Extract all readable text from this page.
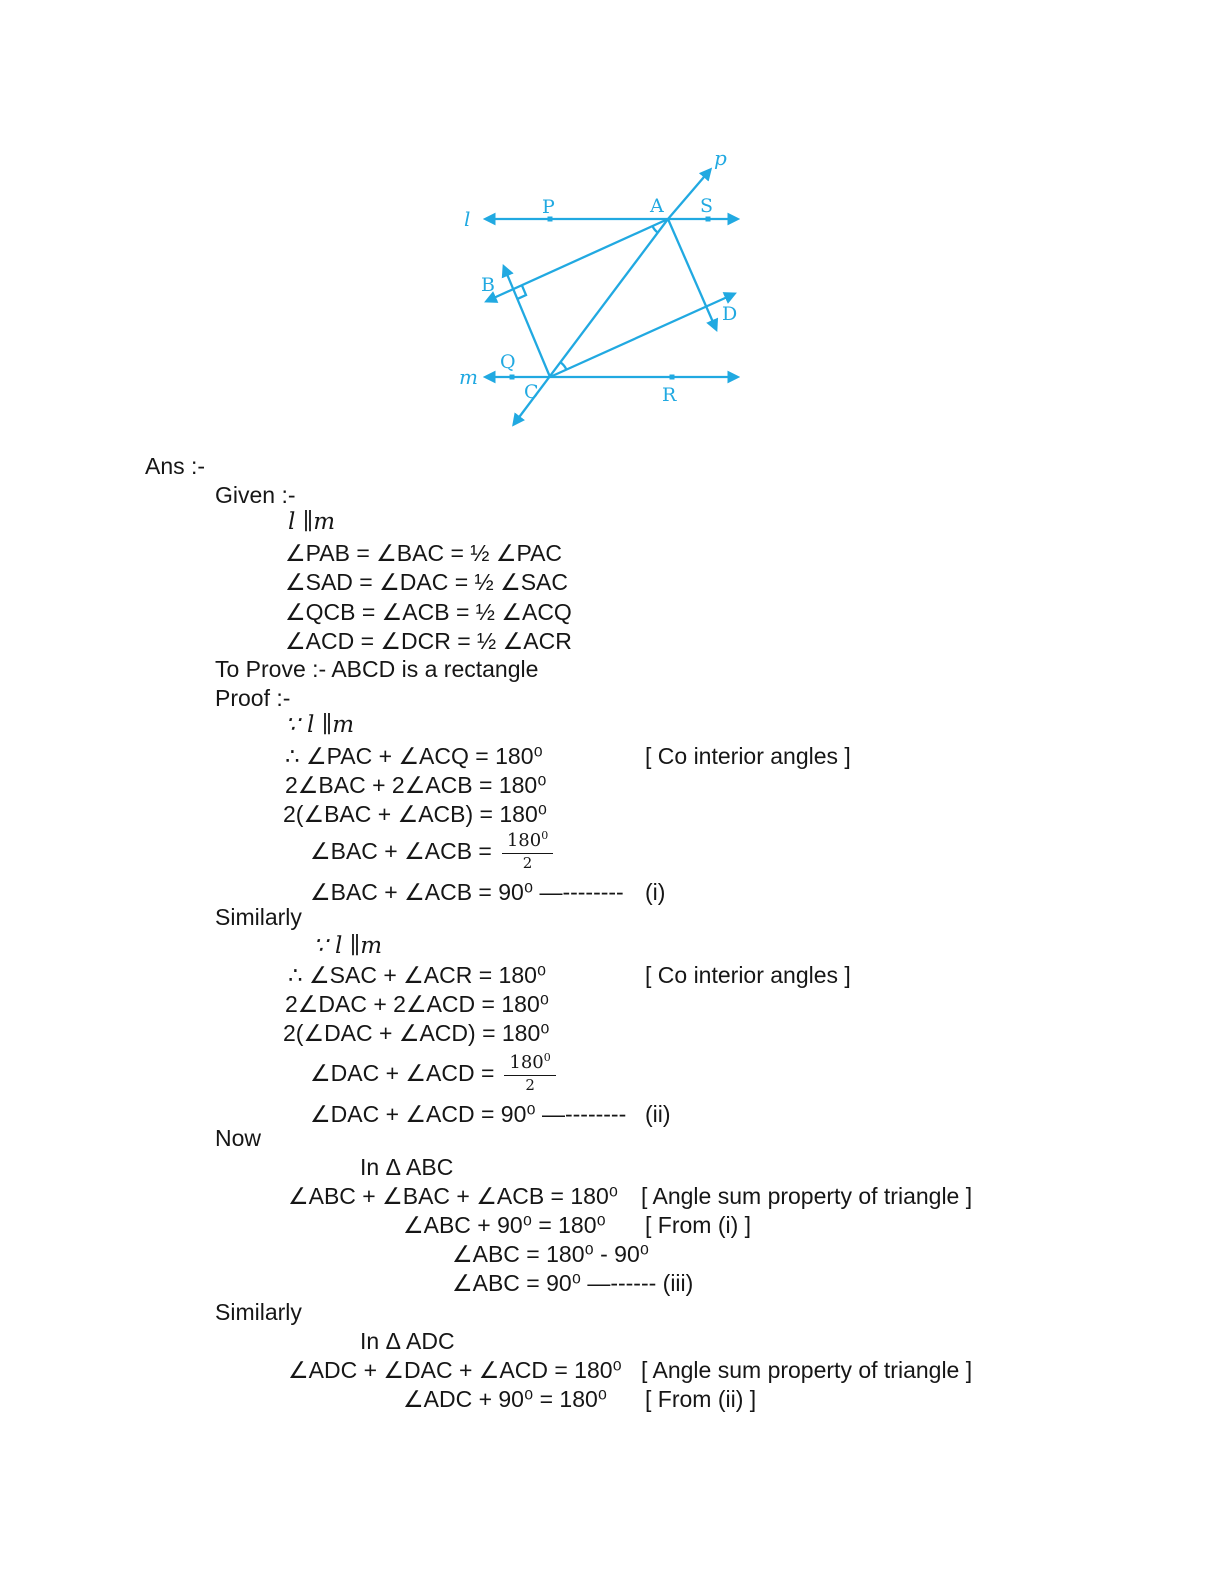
l
m
p
P	A S
B
D
Q
C	R
Ans :-
Given :-
l ∥m
∠PAB = ∠BAC = ½ ∠PAC
∠SAD = ∠DAC = ½ ∠SAC
∠QCB = ∠ACB = ½ ∠ACQ
∠ACD = ∠DCR = ½ ∠ACR
To Prove :- ABCD is a rectangle
Proof :-
∵ l ∥m
∴ ∠PAC + ∠ACQ = 180⁰	[ Co interior angles ]
2∠BAC + 2∠ACB = 180⁰
2(∠BAC + ∠ACB) = 180⁰
∠BAC + ∠ACB = $\frac{180^0}{2}$
∠BAC + ∠ACB = 90⁰ —-------- (i)
Similarly
∵ l ∥m
∴ ∠SAC + ∠ACR = 180⁰	[ Co interior angles ]
2∠DAC + 2∠ACD = 180⁰
2(∠DAC + ∠ACD) = 180⁰
∠DAC + ∠ACD = $\frac{180^0}{2}$
∠DAC + ∠ACD = 90⁰ —-------- (ii)
Now
In Δ ABC
∠ABC + ∠BAC + ∠ACB = 180⁰ [ Angle sum property of triangle ]
∠ABC + 90⁰ = 180⁰ [ From (i) ]
∠ABC = 180⁰ - 90⁰
∠ABC = 90⁰ —------ (iii)
Similarly
In Δ ADC
∠ADC + ∠DAC + ∠ACD = 180⁰ [ Angle sum property of triangle ]
∠ADC + 90⁰ = 180⁰ [ From (ii) ]
